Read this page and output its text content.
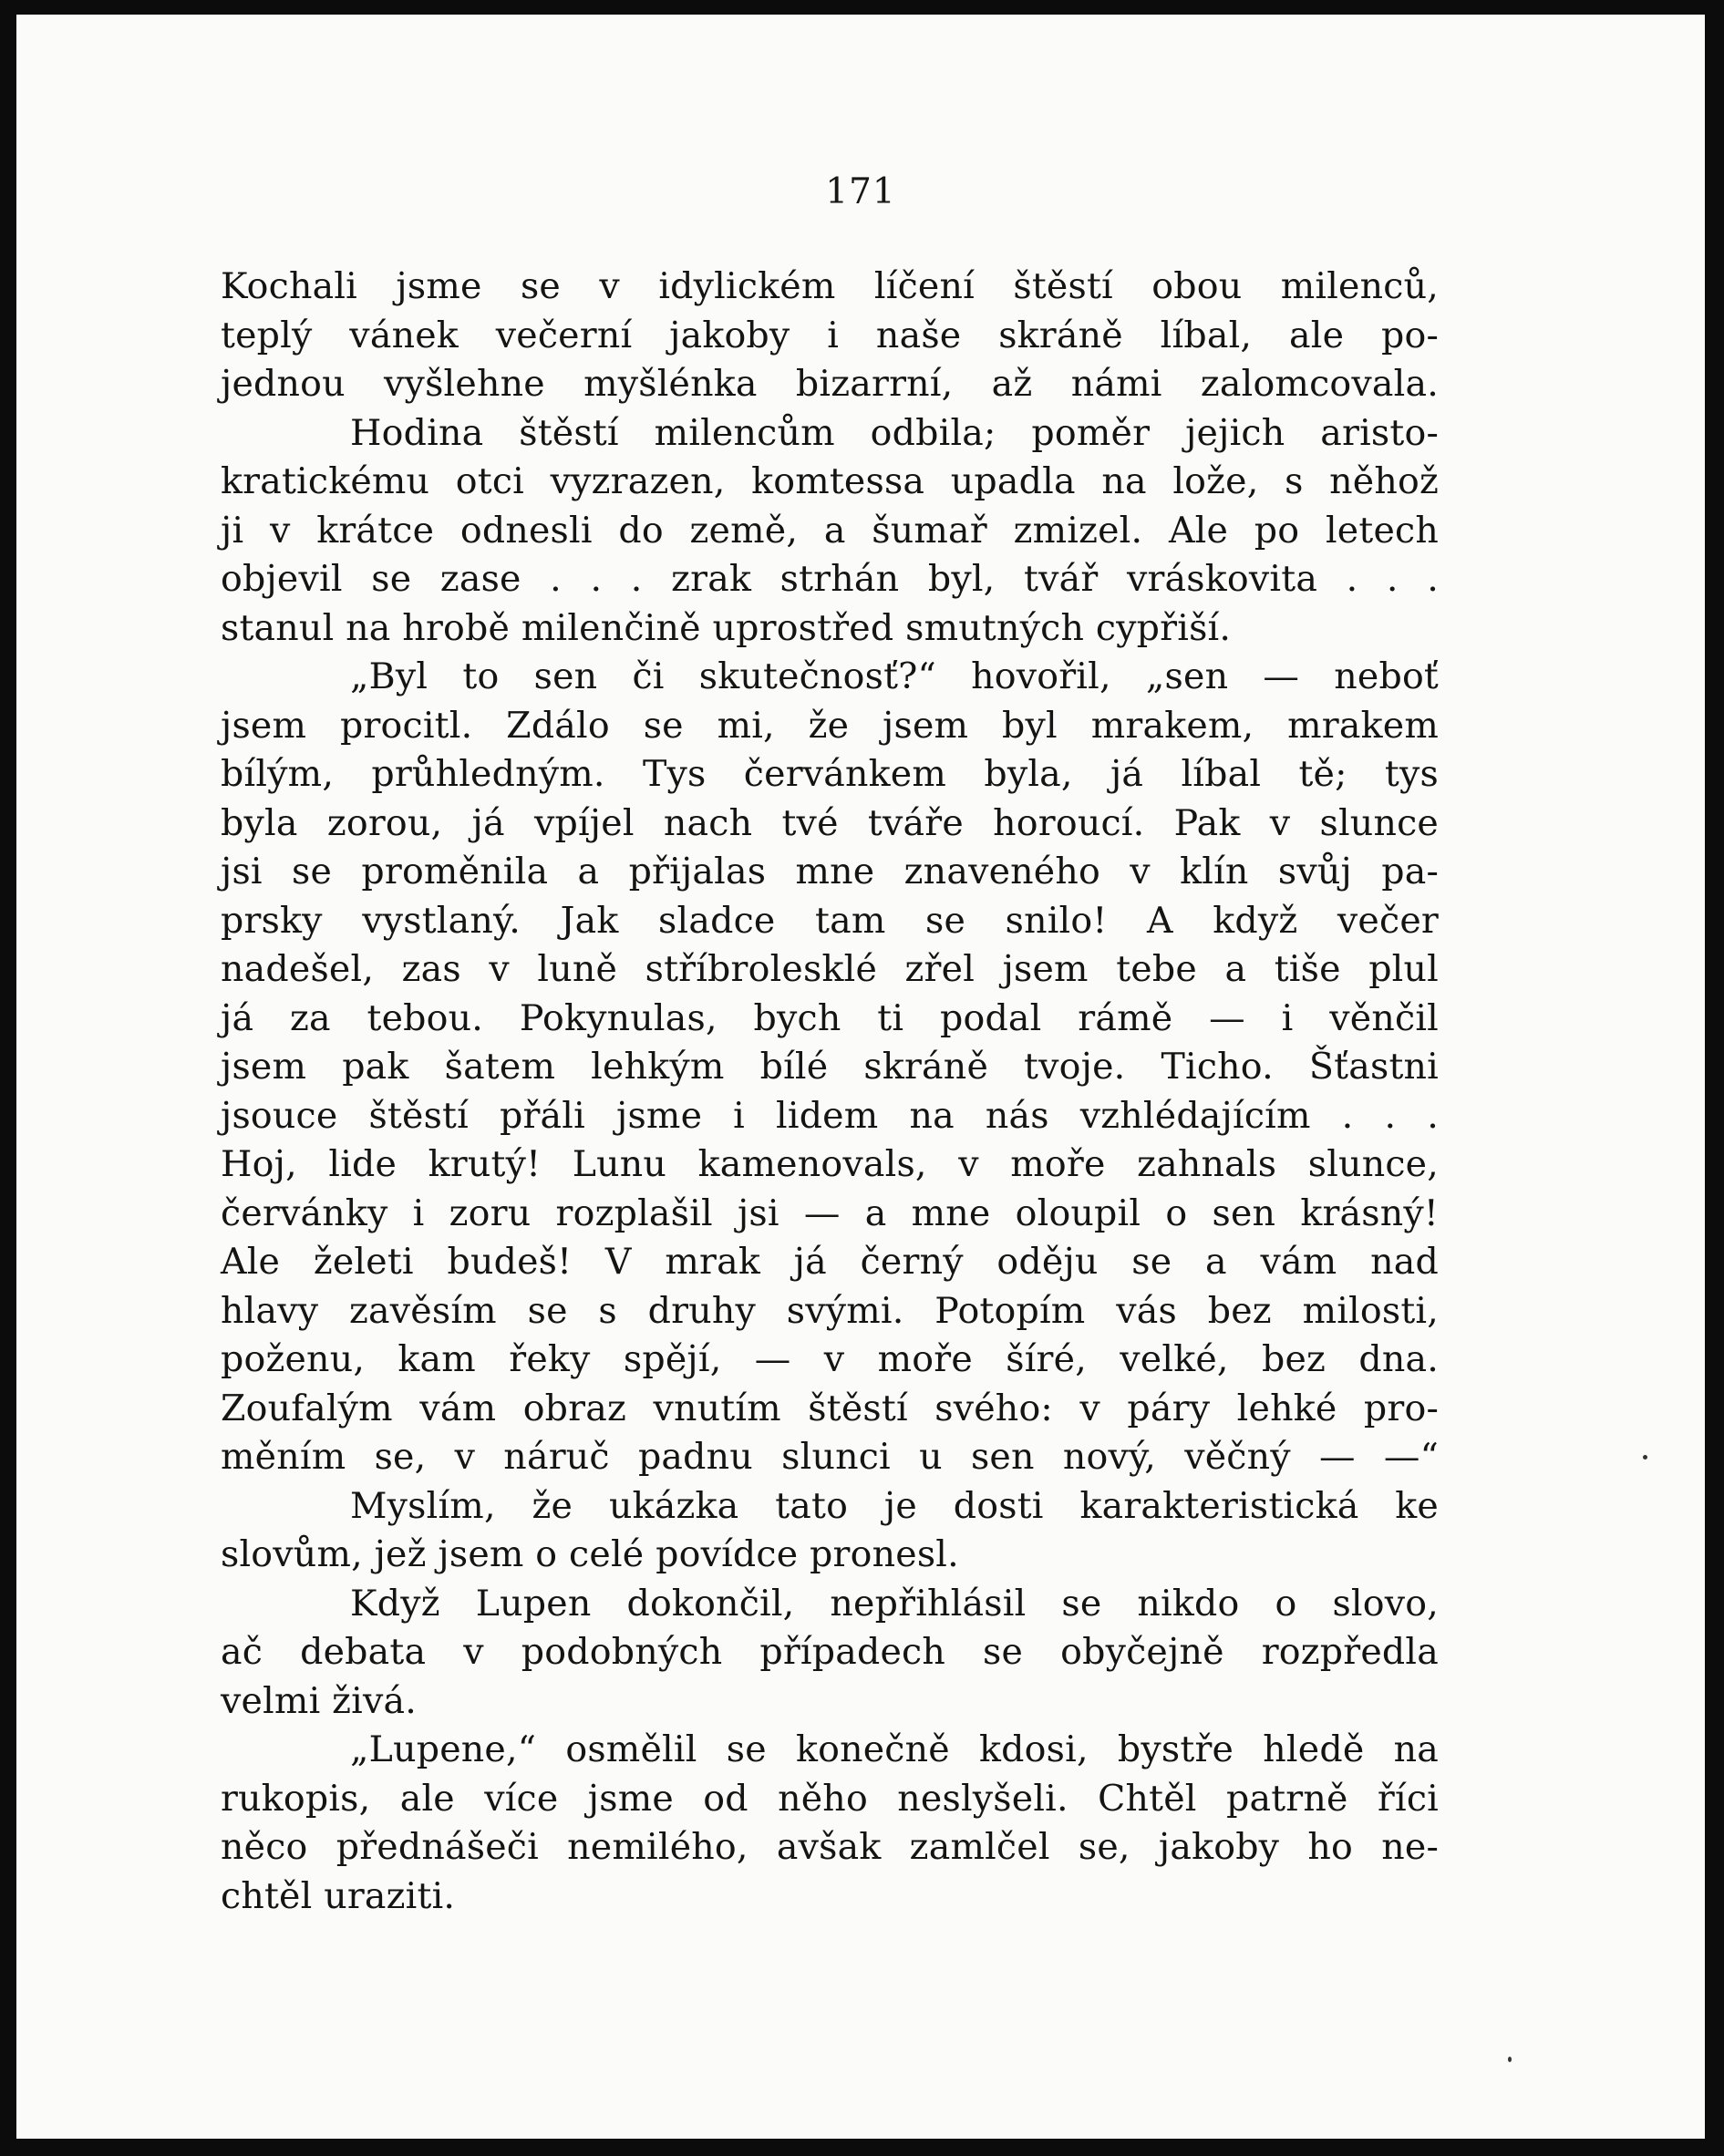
171
Kochali jsme se v idylickém líčení štěstí obou milenců,
teplý vánek večerní jakoby i naše skráně líbal, ale po-
jednou vyšlehne myšlénka bizarrní, až námi zalomcovala.
Hodina štěstí milencům odbila; poměr jejich aristo-
kratickému otci vyzrazen, komtessa upadla na lože, s něhož
ji v krátce odnesli do země, a šumař zmizel. Ale po letech
objevil se zase . . . zrak strhán byl, tvář vráskovita . . .
stanul na hrobě milenčině uprostřed smutných cypřiší.
„Byl to sen či skutečnosť?“ hovořil, „sen — neboť
jsem procitl. Zdálo se mi, že jsem byl mrakem, mrakem
bílým, průhledným. Tys červánkem byla, já líbal tě; tys
byla zorou, já vpíjel nach tvé tváře horoucí. Pak v slunce
jsi se proměnila a přijalas mne znaveného v klín svůj pa-
prsky vystlaný. Jak sladce tam se snilo! A když večer
nadešel, zas v luně stříbrolesklé zřel jsem tebe a tiše plul
já za tebou. Pokynulas, bych ti podal rámě — i věnčil
jsem pak šatem lehkým bílé skráně tvoje. Ticho. Šťastni
jsouce štěstí přáli jsme i lidem na nás vzhlédajícím . . .
Hoj, lide krutý! Lunu kamenovals, v moře zahnals slunce,
červánky i zoru rozplašil jsi — a mne oloupil o sen krásný!
Ale želeti budeš! V mrak já černý oděju se a vám nad
hlavy zavěsím se s druhy svými. Potopím vás bez milosti,
poženu, kam řeky spějí, — v moře šíré, velké, bez dna.
Zoufalým vám obraz vnutím štěstí svého: v páry lehké pro-
měním se, v náruč padnu slunci u sen nový, věčný — —“
Myslím, že ukázka tato je dosti karakteristická ke
slovům, jež jsem o celé povídce pronesl.
Když Lupen dokončil, nepřihlásil se nikdo o slovo,
ač debata v podobných případech se obyčejně rozpředla
velmi živá.
„Lupene,“ osmělil se konečně kdosi, bystře hledě na
rukopis, ale více jsme od něho neslyšeli. Chtěl patrně říci
něco přednášeči nemilého, avšak zamlčel se, jakoby ho ne-
chtěl uraziti.
